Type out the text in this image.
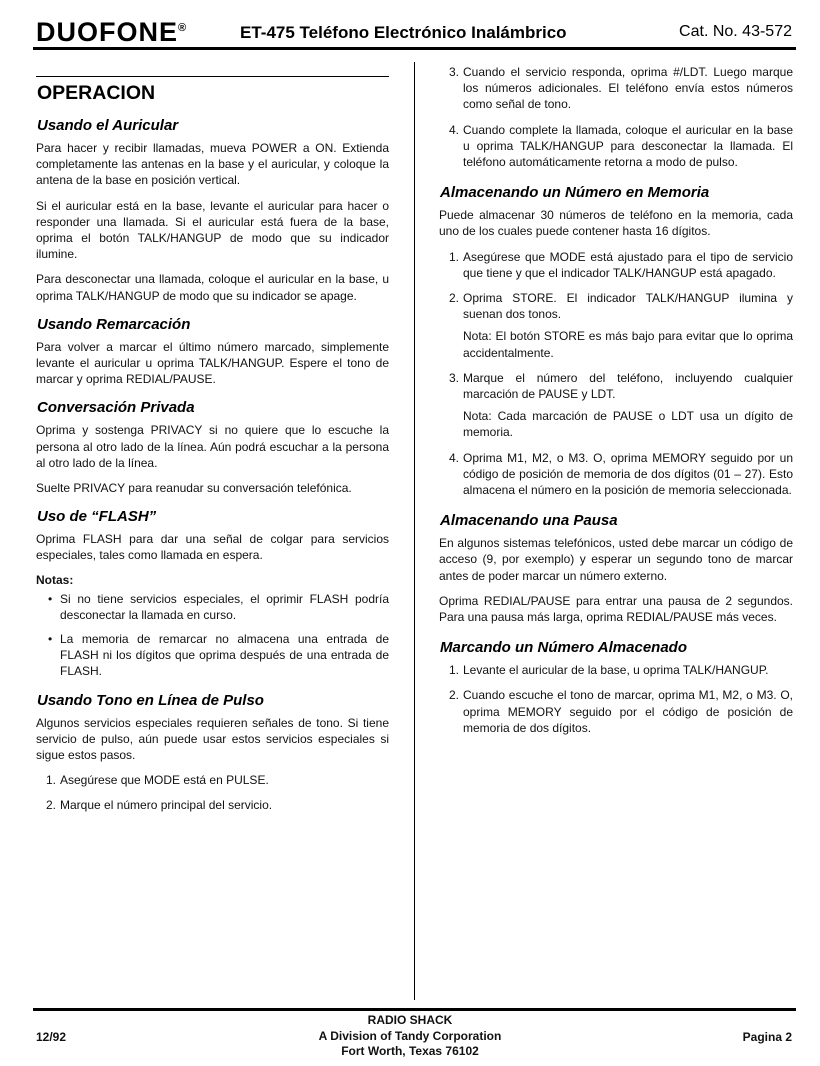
DUOFONE®	ET-475 Teléfono Electrónico Inalámbrico	Cat. No. 43-572
OPERACION
Usando el Auricular

Para hacer y recibir llamadas, mueva POWER a ON. Extienda completamente las antenas en la base y el auricular, y coloque la antena de la base en posición vertical.

Si el auricular está en la base, levante el auricular para hacer o responder una llamada. Si el auricular está fuera de la base, oprima el botón TALK/HANGUP de modo que su indicador ilumine.

Para desconectar una llamada, coloque el auricular en la base, u oprima TALK/HANGUP de modo que su indicador se apage.

Usando Remarcación

Para volver a marcar el último número marcado, simplemente levante el auricular u oprima TALK/HANGUP. Espere el tono de marcar y oprima REDIAL/PAUSE.

Conversación Privada

Oprima y sostenga PRIVACY si no quiere que lo escuche la persona al otro lado de la línea. Aún podrá escuchar a la persona al otro lado de la línea.

Suelte PRIVACY para reanudar su conversación telefónica.

Uso de “FLASH”

Oprima FLASH para dar una señal de colgar para servicios especiales, tales como llamada en espera.

Notas:
• Si no tiene servicios especiales, el oprimir FLASH podría desconectar la llamada en curso.
• La memoria de remarcar no almacena una entrada de FLASH ni los dígitos que oprima después de una entrada de FLASH.
Usando Tono en Línea de Pulso

Algunos servicios especiales requieren señales de tono. Si tiene servicio de pulso, aún puede usar estos servicios especiales si sigue estos pasos.

1. Asegúrese que MODE está en PULSE.
2. Marque el número principal del servicio.
3. Cuando el servicio responda, oprima #/LDT. Luego marque los números adicionales. El teléfono envía estos números como señal de tono.
4. Cuando complete la llamada, coloque el auricular en la base u oprima TALK/HANGUP para desconectar la llamada. El teléfono automáticamente retorna a modo de pulso.
Almacenando un Número en Memoria

Puede almacenar 30 números de teléfono en la memoria, cada uno de los cuales puede contener hasta 16 dígitos.

1. Asegúrese que MODE está ajustado para el tipo de servicio que tiene y que el indicador TALK/HANGUP está apagado.
2. Oprima STORE. El indicador TALK/HANGUP ilumina y suenan dos tonos.
Nota: El botón STORE es más bajo para evitar que lo oprima accidentalmente.
3. Marque el número del teléfono, incluyendo cualquier marcación de PAUSE y LDT.
Nota: Cada marcación de PAUSE o LDT usa un dígito de memoria.
4. Oprima M1, M2, o M3. O, oprima MEMORY seguido por un código de posición de memoria de dos dígitos (01 – 27). Esto almacena el número en la posición de memoria seleccionada.
Almacenando una Pausa

En algunos sistemas telefónicos, usted debe marcar un código de acceso (9, por exemplo) y esperar un segundo tono de marcar antes de poder marcar un número externo.

Oprima REDIAL/PAUSE para entrar una pausa de 2 segundos. Para una pausa más larga, oprima REDIAL/PAUSE más veces.

Marcando un Número Almacenado
1. Levante el auricular de la base, u oprima TALK/HANGUP.
2. Cuando escuche el tono de marcar, oprima M1, M2, o M3. O, oprima MEMORY seguido por el código de posición de memoria de dos dígitos.
12/92
RADIO SHACK
A Division of Tandy Corporation
Fort Worth, Texas 76102
Pagina 2
